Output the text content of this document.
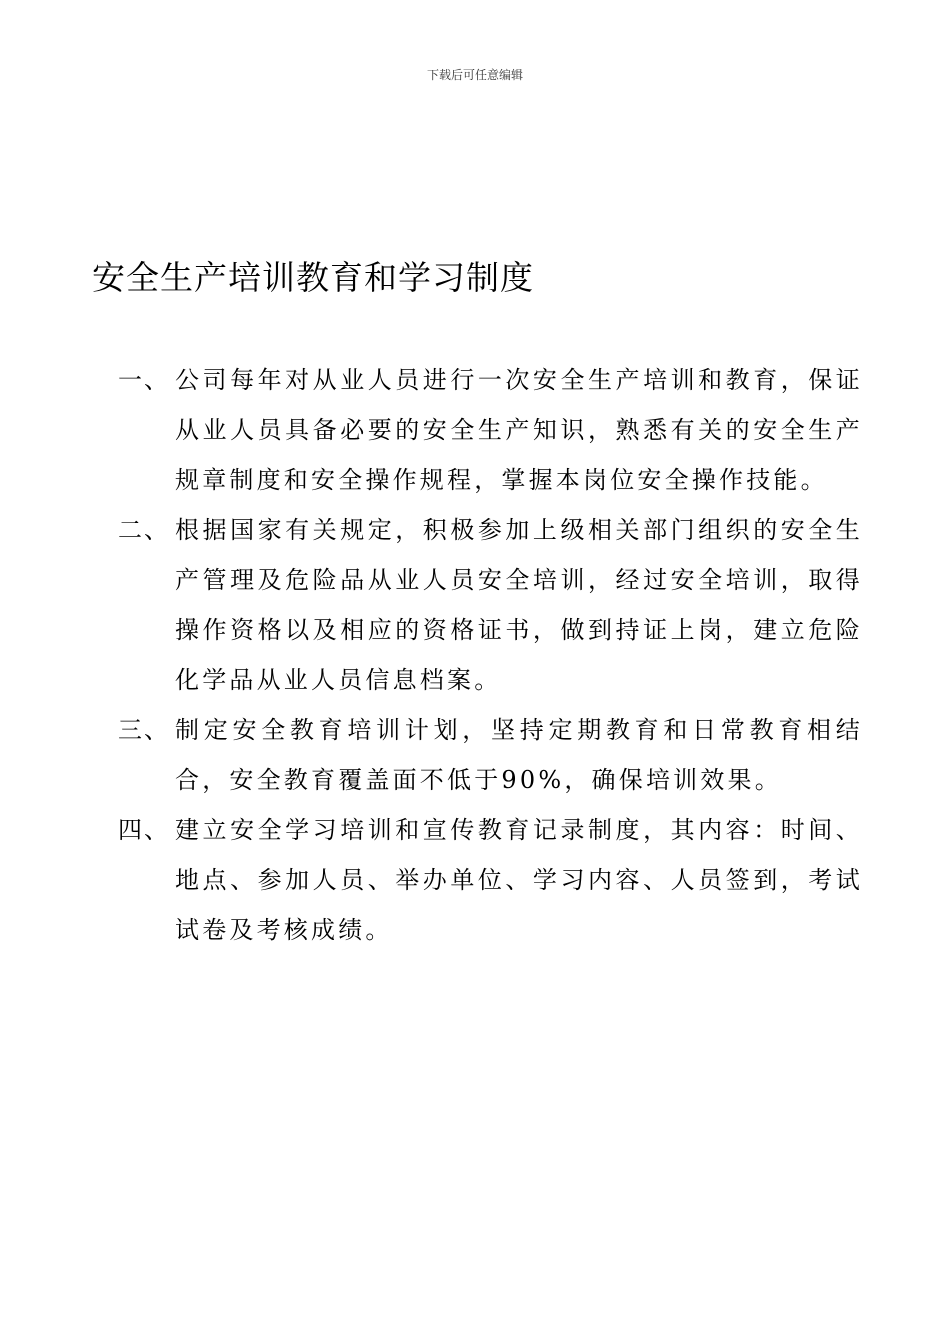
下载后可任意编辑
安全生产培训教育和学习制度
一、 公司每年对从业人员进行一次安全生产培训和教育，保证从业人员具备必要的安全生产知识，熟悉有关的安全生产规章制度和安全操作规程，掌握本岗位安全操作技能。
二、 根据国家有关规定，积极参加上级相关部门组织的安全生产管理及危险品从业人员安全培训，经过安全培训，取得操作资格以及相应的资格证书，做到持证上岗，建立危险化学品从业人员信息档案。
三、 制定安全教育培训计划，坚持定期教育和日常教育相结合，安全教育覆盖面不低于90%，确保培训效果。
四、 建立安全学习培训和宣传教育记录制度，其内容：时间、地点、参加人员、举办单位、学习内容、人员签到，考试试卷及考核成绩。
